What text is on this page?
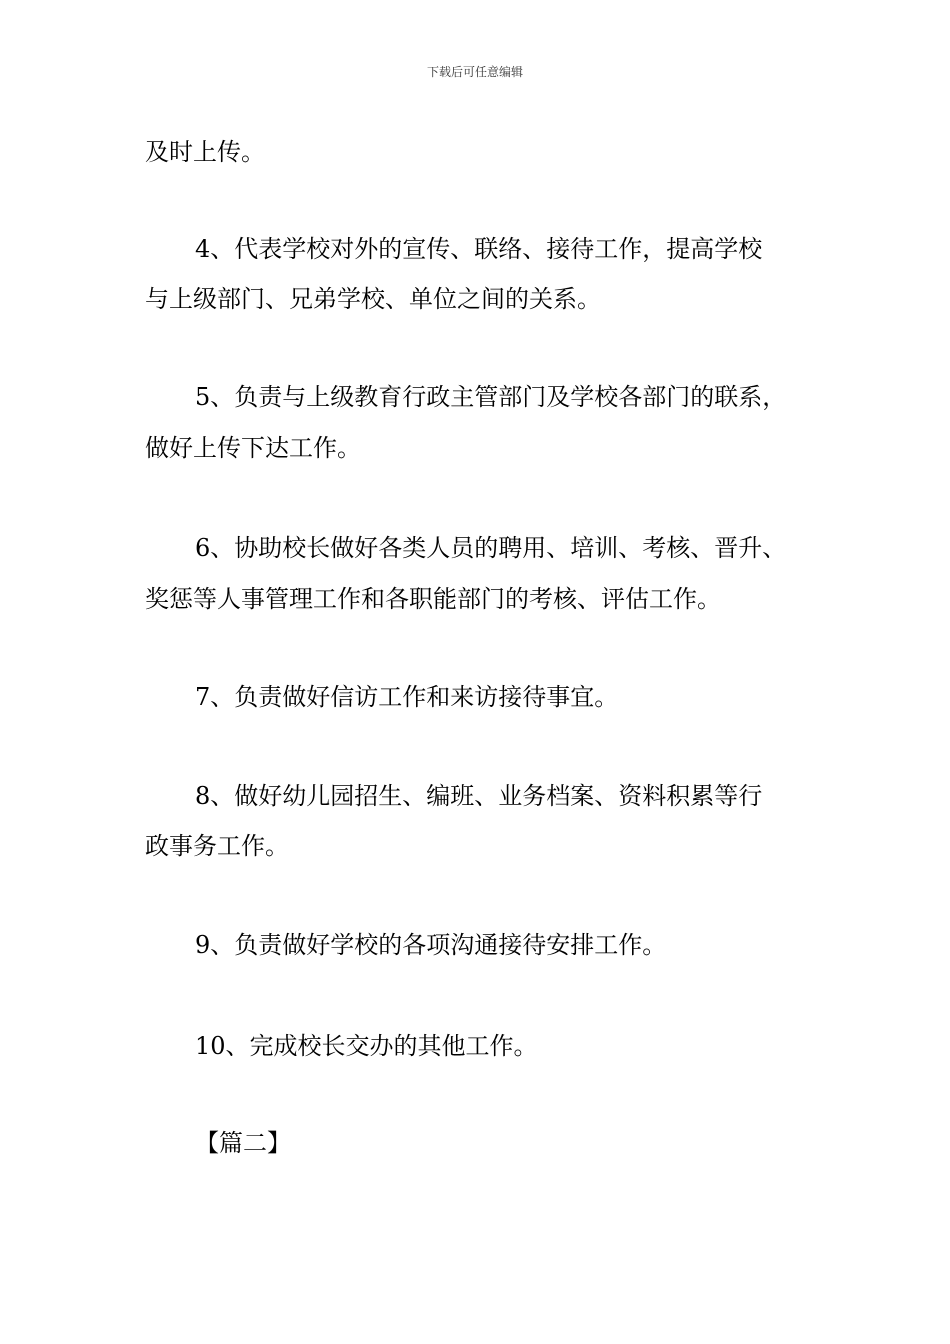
下载后可任意编辑
及时上传。
4、代表学校对外的宣传、联络、接待工作，提高学校
与上级部门、兄弟学校、单位之间的关系。
5、负责与上级教育行政主管部门及学校各部门的联系，
做好上传下达工作。
6、协助校长做好各类人员的聘用、培训、考核、晋升、
奖惩等人事管理工作和各职能部门的考核、评估工作。
7、负责做好信访工作和来访接待事宜。
8、做好幼儿园招生、编班、业务档案、资料积累等行
政事务工作。
9、负责做好学校的各项沟通接待安排工作。
10、完成校长交办的其他工作。
【篇二】
